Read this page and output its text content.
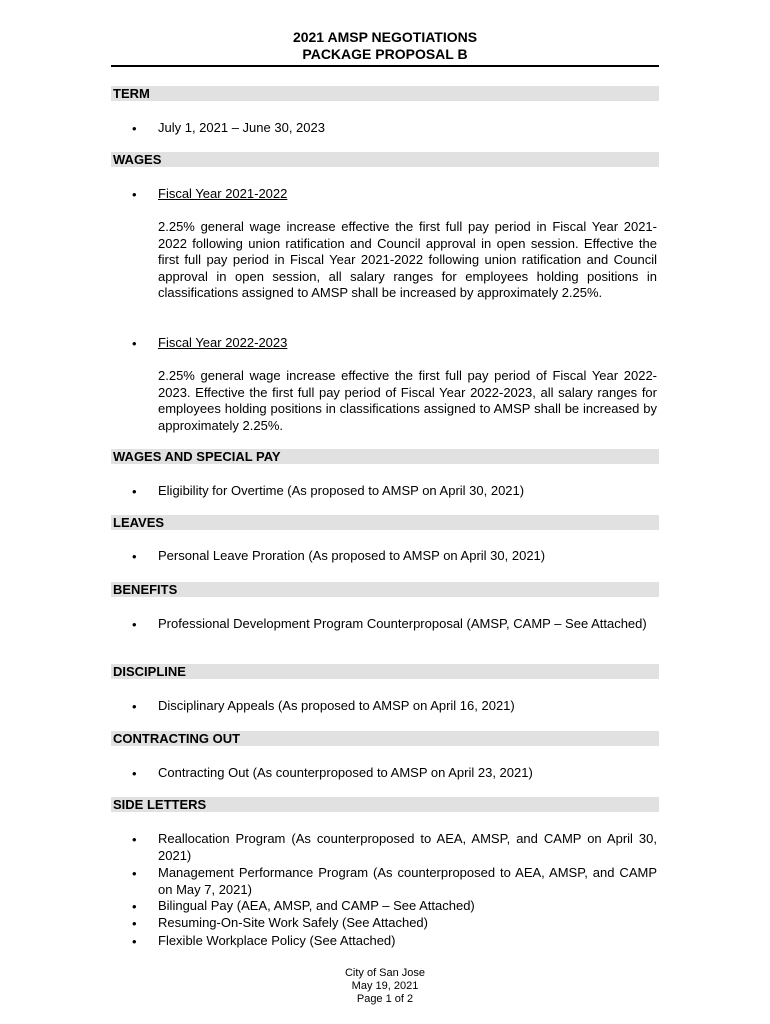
2021 AMSP NEGOTIATIONS
PACKAGE PROPOSAL B
TERM
• July 1, 2021 – June 30, 2023
WAGES
• Fiscal Year 2021-2022
2.25% general wage increase effective the first full pay period in Fiscal Year 2021-2022 following union ratification and Council approval in open session. Effective the first full pay period in Fiscal Year 2021-2022 following union ratification and Council approval in open session, all salary ranges for employees holding positions in classifications assigned to AMSP shall be increased by approximately 2.25%.
• Fiscal Year 2022-2023
2.25% general wage increase effective the first full pay period of Fiscal Year 2022-2023. Effective the first full pay period of Fiscal Year 2022-2023, all salary ranges for employees holding positions in classifications assigned to AMSP shall be increased by approximately 2.25%.
WAGES AND SPECIAL PAY
• Eligibility for Overtime (As proposed to AMSP on April 30, 2021)
LEAVES
• Personal Leave Proration (As proposed to AMSP on April 30, 2021)
BENEFITS
• Professional Development Program Counterproposal (AMSP, CAMP – See Attached)
DISCIPLINE
• Disciplinary Appeals (As proposed to AMSP on April 16, 2021)
CONTRACTING OUT
• Contracting Out (As counterproposed to AMSP on April 23, 2021)
SIDE LETTERS
• Reallocation Program (As counterproposed to AEA, AMSP, and CAMP on April 30, 2021)
• Management Performance Program (As counterproposed to AEA, AMSP, and CAMP on May 7, 2021)
• Bilingual Pay (AEA, AMSP, and CAMP – See Attached)
• Resuming-On-Site Work Safely (See Attached)
• Flexible Workplace Policy (See Attached)
City of San Jose
May 19, 2021
Page 1 of 2
